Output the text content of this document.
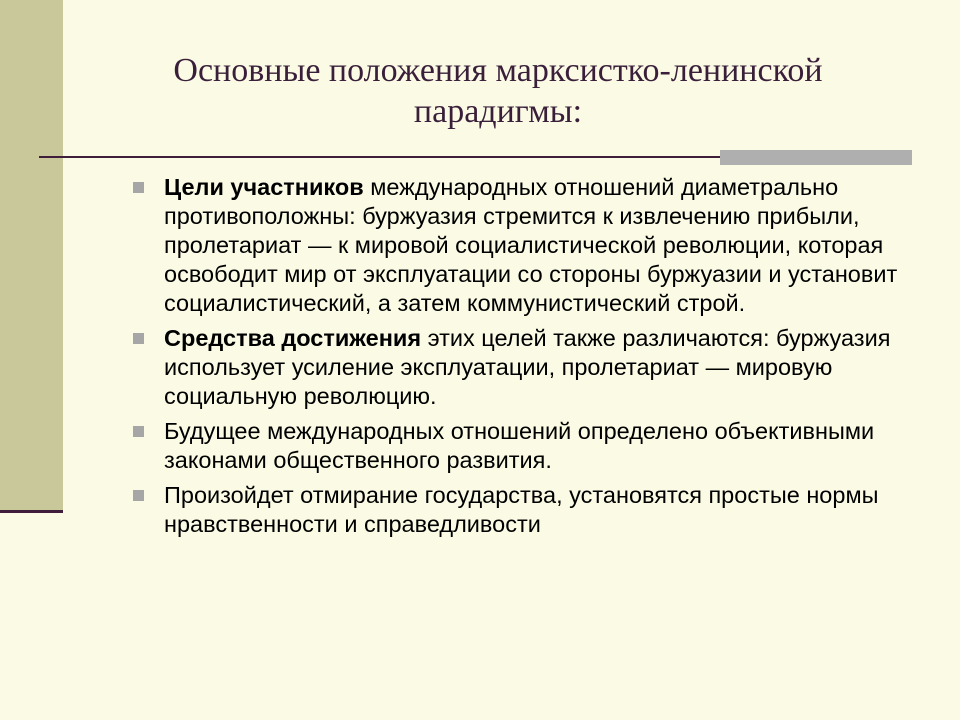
Основные положения марксистко-ленинской
парадигмы:
Цели участников международных отношений диаметрально противоположны: буржуазия стремится к извлечению прибыли, пролетариат — к мировой социалистической революции, которая освободит мир от эксплуатации со стороны буржуазии и установит социалистический, а затем коммунистический строй.
Средства достижения этих целей также различаются: буржуазия использует усиление эксплуатации, пролетариат — мировую социальную революцию.
Будущее международных отношений определено объективными законами общественного развития.
Произойдет отмирание государства, установятся простые нормы нравственности и справедливости
